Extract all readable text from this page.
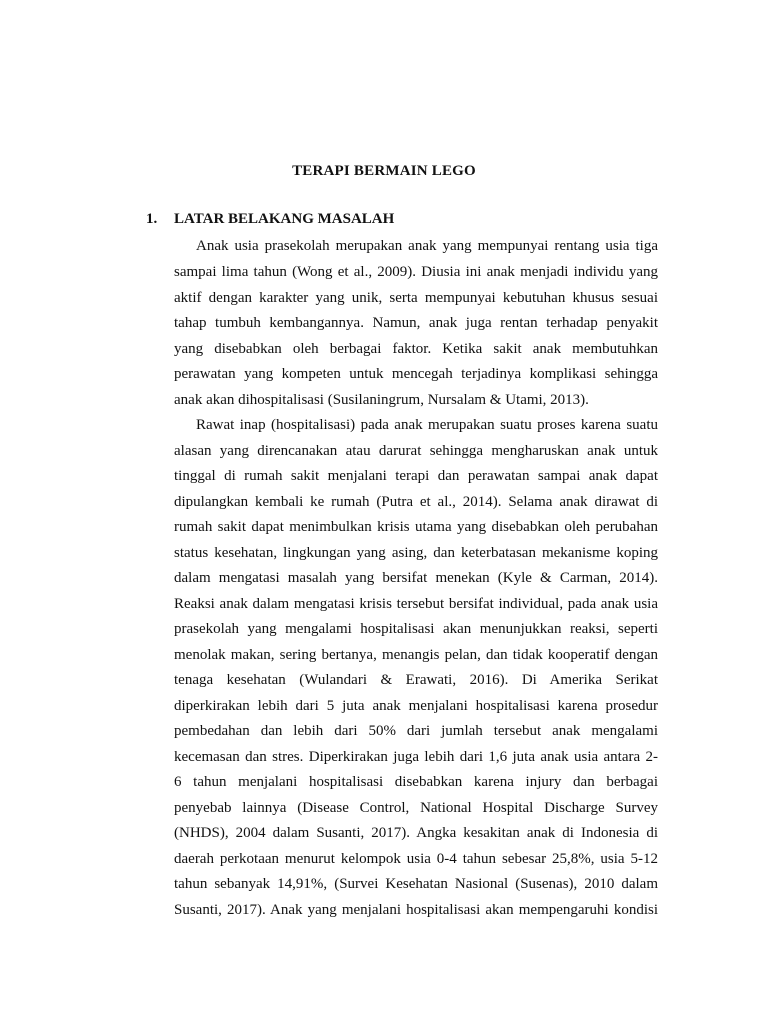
TERAPI BERMAIN LEGO
1. LATAR BELAKANG MASALAH
Anak usia prasekolah merupakan anak yang mempunyai rentang usia tiga
sampai lima tahun (Wong et al., 2009). Diusia ini anak menjadi individu yang
aktif dengan karakter yang unik, serta mempunyai kebutuhan khusus sesuai
tahap tumbuh kembangannya. Namun, anak juga rentan terhadap penyakit
yang disebabkan oleh berbagai faktor. Ketika sakit anak membutuhkan
perawatan yang kompeten untuk mencegah terjadinya komplikasi sehingga
anak akan dihospitalisasi (Susilaningrum, Nursalam & Utami, 2013).
Rawat inap (hospitalisasi) pada anak merupakan suatu proses karena suatu
alasan yang direncanakan atau darurat sehingga mengharuskan anak untuk
tinggal di rumah sakit menjalani terapi dan perawatan sampai anak dapat
dipulangkan kembali ke rumah (Putra et al., 2014). Selama anak dirawat di
rumah sakit dapat menimbulkan krisis utama yang disebabkan oleh perubahan
status kesehatan, lingkungan yang asing, dan keterbatasan mekanisme koping
dalam mengatasi masalah yang bersifat menekan (Kyle & Carman, 2014).
Reaksi anak dalam mengatasi krisis tersebut bersifat individual, pada anak usia
prasekolah yang mengalami hospitalisasi akan menunjukkan reaksi, seperti
menolak makan, sering bertanya, menangis pelan, dan tidak kooperatif dengan
tenaga kesehatan (Wulandari & Erawati, 2016). Di Amerika Serikat
diperkirakan lebih dari 5 juta anak menjalani hospitalisasi karena prosedur
pembedahan dan lebih dari 50% dari jumlah tersebut anak mengalami
kecemasan dan stres. Diperkirakan juga lebih dari 1,6 juta anak usia antara 2-
6 tahun menjalani hospitalisasi disebabkan karena injury dan berbagai
penyebab lainnya (Disease Control, National Hospital Discharge Survey
(NHDS), 2004 dalam Susanti, 2017). Angka kesakitan anak di Indonesia di
daerah perkotaan menurut kelompok usia 0-4 tahun sebesar 25,8%, usia 5-12
tahun sebanyak 14,91%, (Survei Kesehatan Nasional (Susenas), 2010 dalam
Susanti, 2017). Anak yang menjalani hospitalisasi akan mempengaruhi kondisi
